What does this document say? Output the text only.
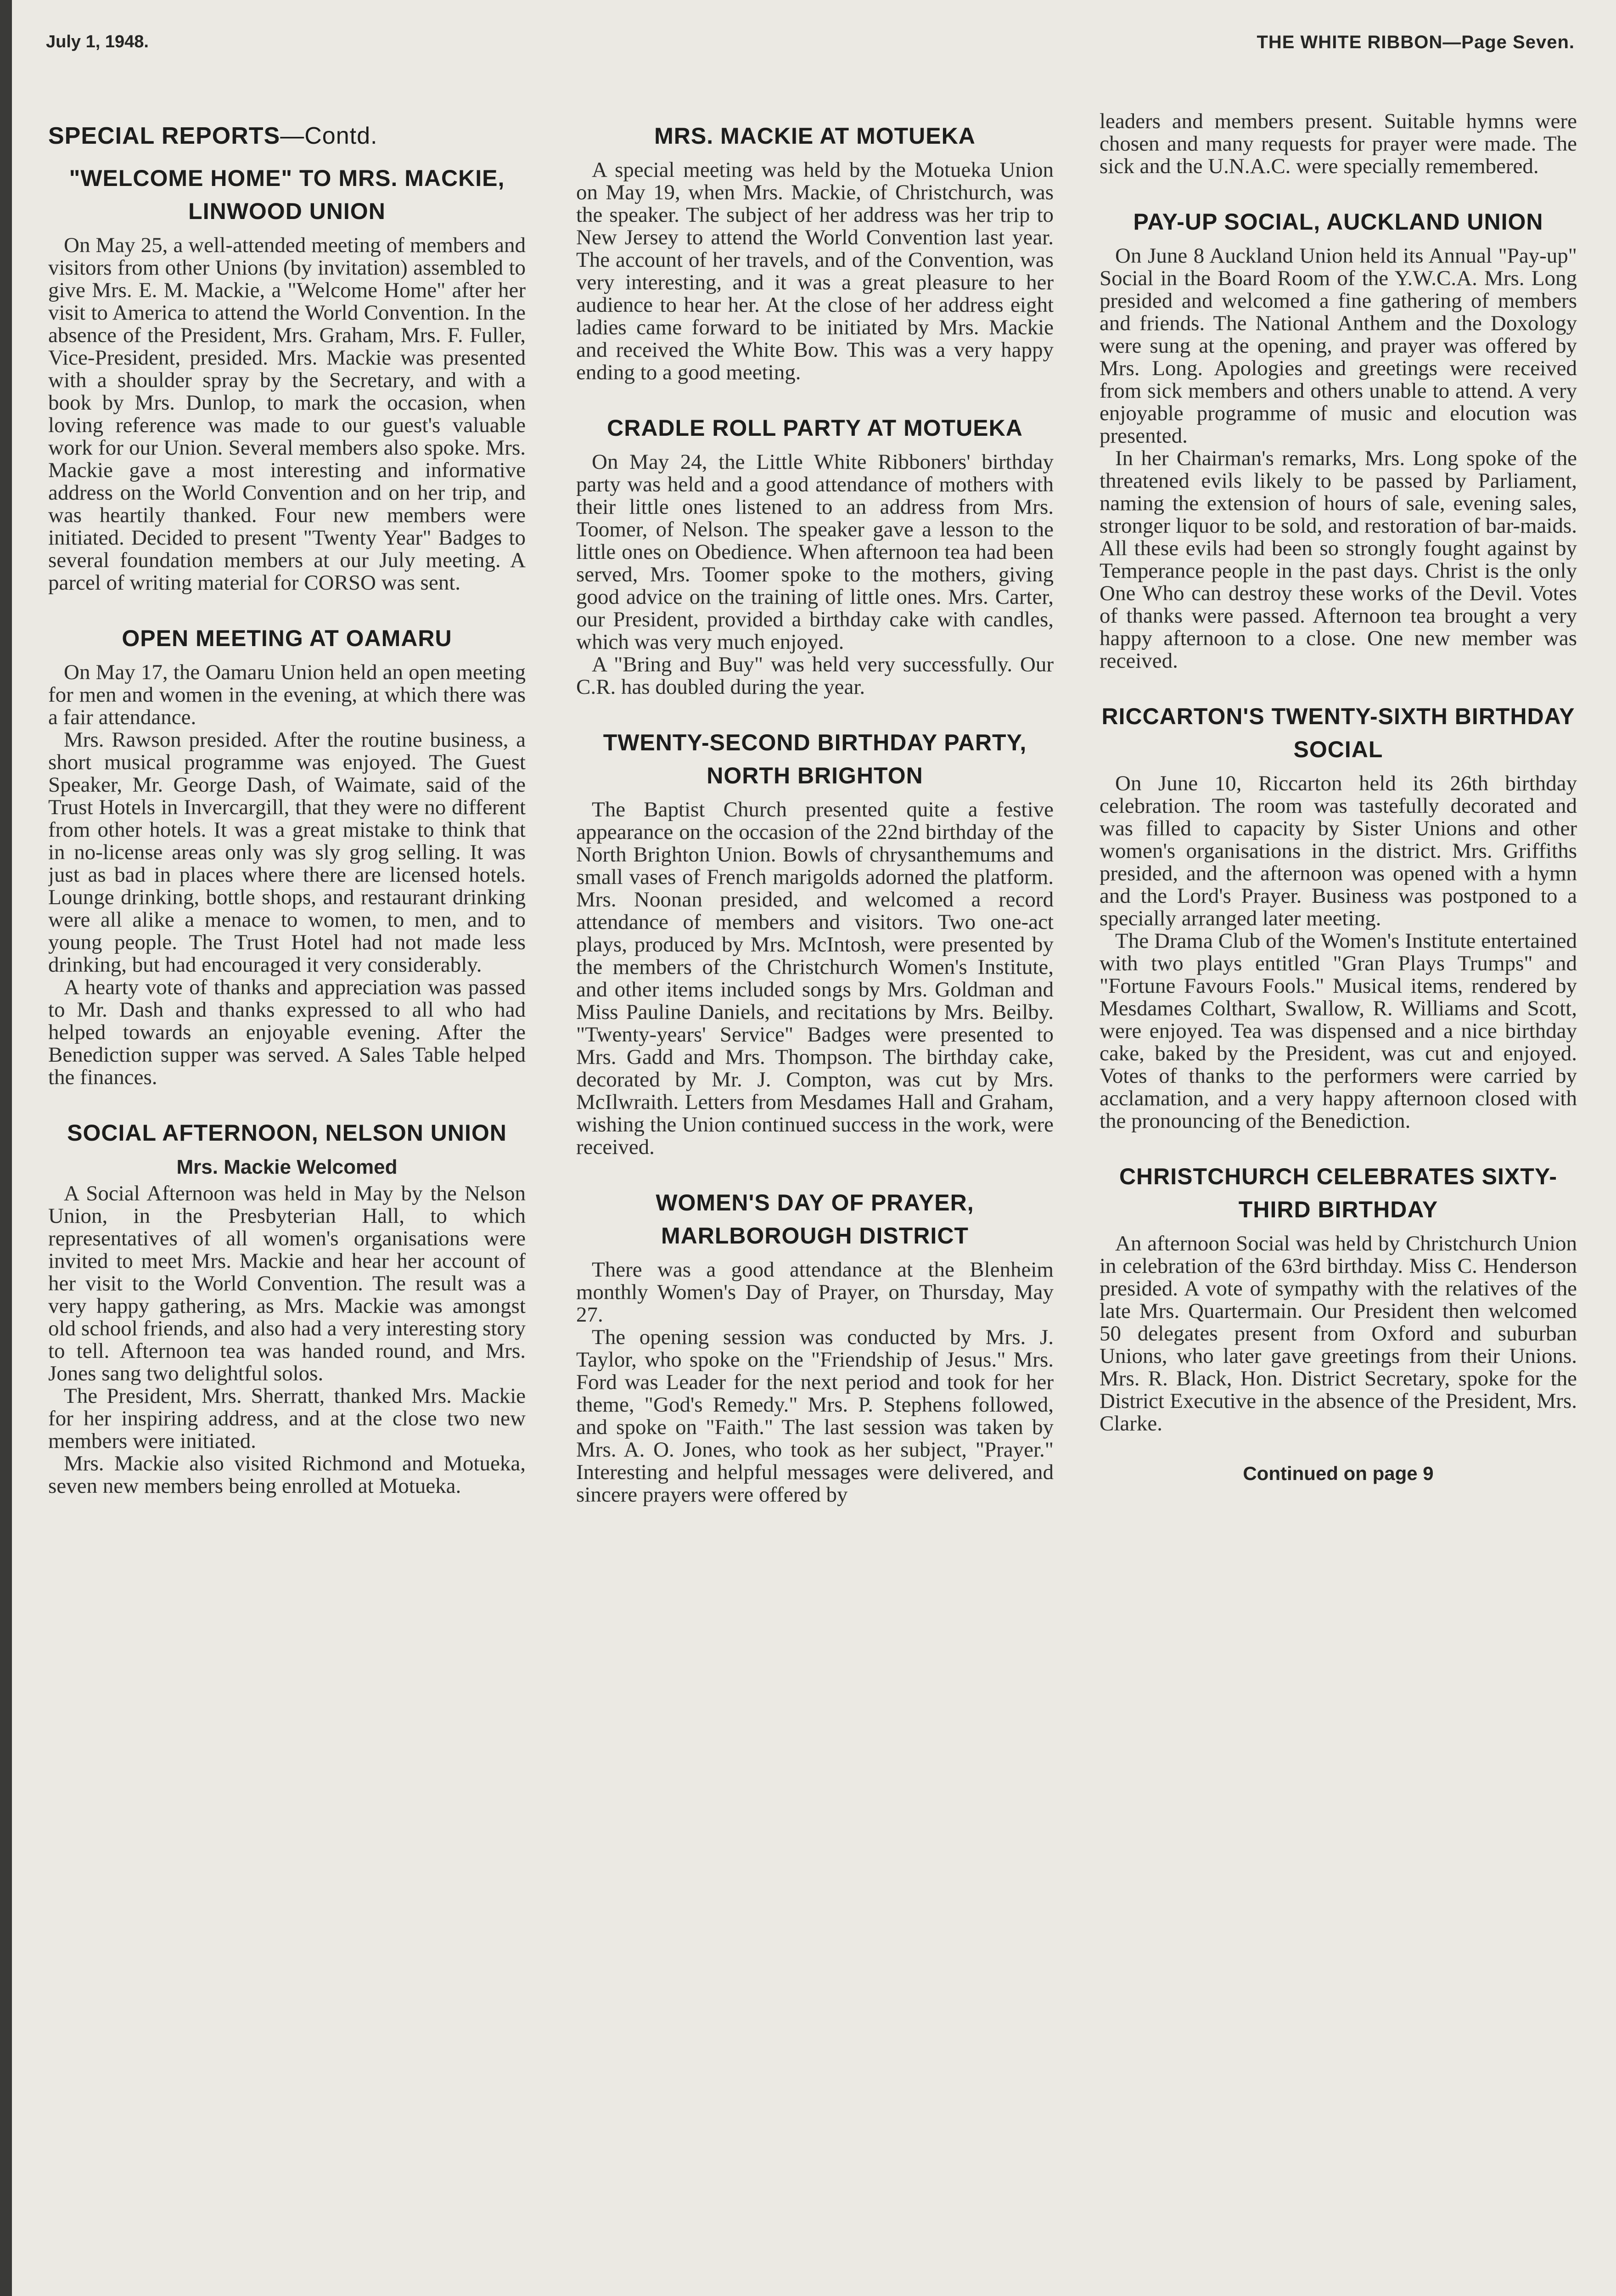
July 1, 1948.	THE WHITE RIBBON—Page Seven.
SPECIAL REPORTS—Contd.
"WELCOME HOME" TO MRS. MACKIE, LINWOOD UNION

On May 25, a well-attended meeting of members and visitors from other Unions (by invitation) assembled to give Mrs. E. M. Mackie, a "Welcome Home" after her visit to America to attend the World Convention. In the absence of the President, Mrs. Graham, Mrs. F. Fuller, Vice-President, presided. Mrs. Mackie was presented with a shoulder spray by the Secretary, and with a book by Mrs. Dunlop, to mark the occasion, when loving reference was made to our guest's valuable work for our Union. Several members also spoke. Mrs. Mackie gave a most interesting and informative address on the World Convention and on her trip, and was heartily thanked. Four new members were initiated. Decided to present "Twenty Year" Badges to several foundation members at our July meeting. A parcel of writing material for CORSO was sent.

OPEN MEETING AT OAMARU

On May 17, the Oamaru Union held an open meeting for men and women in the evening, at which there was a fair attendance.

Mrs. Rawson presided. After the routine business, a short musical programme was enjoyed. The Guest Speaker, Mr. George Dash, of Waimate, said of the Trust Hotels in Invercargill, that they were no different from other hotels. It was a great mistake to think that in no-license areas only was sly grog selling. It was just as bad in places where there are licensed hotels. Lounge drinking, bottle shops, and restaurant drinking were all alike a menace to women, to men, and to young people. The Trust Hotel had not made less drinking, but had encouraged it very considerably.

A hearty vote of thanks and appreciation was passed to Mr. Dash and thanks expressed to all who had helped towards an enjoyable evening. After the Benediction supper was served. A Sales Table helped the finances.

SOCIAL AFTERNOON, NELSON UNION
Mrs. Mackie Welcomed

A Social Afternoon was held in May by the Nelson Union, in the Presbyterian Hall, to which representatives of all women's organisations were invited to meet Mrs. Mackie and hear her account of her visit to the World Convention. The result was a very happy gathering, as Mrs. Mackie was amongst old school friends, and also had a very interesting story to tell. Afternoon tea was handed round, and Mrs. Jones sang two delightful solos.

The President, Mrs. Sherratt, thanked Mrs. Mackie for her inspiring address, and at the close two new members were initiated.

Mrs. Mackie also visited Richmond and Motueka, seven new members being enrolled at Motueka.

MRS. MACKIE AT MOTUEKA

A special meeting was held by the Motueka Union on May 19, when Mrs. Mackie, of Christchurch, was the speaker. The subject of her address was her trip to New Jersey to attend the World Convention last year. The account of her travels, and of the Convention, was very interesting, and it was a great pleasure to her audience to hear her. At the close of her address eight ladies came forward to be initiated by Mrs. Mackie and received the White Bow. This was a very happy ending to a good meeting.

CRADLE ROLL PARTY AT MOTUEKA

On May 24, the Little White Ribboners' birthday party was held and a good attendance of mothers with their little ones listened to an address from Mrs. Toomer, of Nelson. The speaker gave a lesson to the little ones on Obedience. When afternoon tea had been served, Mrs. Toomer spoke to the mothers, giving good advice on the training of little ones. Mrs. Carter, our President, provided a birthday cake with candles, which was very much enjoyed.

A "Bring and Buy" was held very successfully. Our C.R. has doubled during the year.

TWENTY-SECOND BIRTHDAY PARTY, NORTH BRIGHTON

The Baptist Church presented quite a festive appearance on the occasion of the 22nd birthday of the North Brighton Union. Bowls of chrysanthemums and small vases of French marigolds adorned the platform. Mrs. Noonan presided, and welcomed a record attendance of members and visitors. Two one-act plays, produced by Mrs. McIntosh, were presented by the members of the Christchurch Women's Institute, and other items included songs by Mrs. Goldman and Miss Pauline Daniels, and recitations by Mrs. Beilby. "Twenty-years' Service" Badges were presented to Mrs. Gadd and Mrs. Thompson. The birthday cake, decorated by Mr. J. Compton, was cut by Mrs. McIlwraith. Letters from Mesdames Hall and Graham, wishing the Union continued success in the work, were received.

WOMEN'S DAY OF PRAYER, MARLBOROUGH DISTRICT

There was a good attendance at the Blenheim monthly Women's Day of Prayer, on Thursday, May 27.

The opening session was conducted by Mrs. J. Taylor, who spoke on the "Friendship of Jesus." Mrs. Ford was Leader for the next period and took for her theme, "God's Remedy." Mrs. P. Stephens followed, and spoke on "Faith." The last session was taken by Mrs. A. O. Jones, who took as her subject, "Prayer." Interesting and helpful messages were delivered, and sincere prayers were offered by

leaders and members present. Suitable hymns were chosen and many requests for prayer were made. The sick and the U.N.A.C. were specially remembered.

PAY-UP SOCIAL, AUCKLAND UNION

On June 8 Auckland Union held its Annual "Pay-up" Social in the Board Room of the Y.W.C.A. Mrs. Long presided and welcomed a fine gathering of members and friends. The National Anthem and the Doxology were sung at the opening, and prayer was offered by Mrs. Long. Apologies and greetings were received from sick members and others unable to attend. A very enjoyable programme of music and elocution was presented.

In her Chairman's remarks, Mrs. Long spoke of the threatened evils likely to be passed by Parliament, naming the extension of hours of sale, evening sales, stronger liquor to be sold, and restoration of bar-maids. All these evils had been so strongly fought against by Temperance people in the past days. Christ is the only One Who can destroy these works of the Devil. Votes of thanks were passed. Afternoon tea brought a very happy afternoon to a close. One new member was received.

RICCARTON'S TWENTY-SIXTH BIRTHDAY SOCIAL

On June 10, Riccarton held its 26th birthday celebration. The room was tastefully decorated and was filled to capacity by Sister Unions and other women's organisations in the district. Mrs. Griffiths presided, and the afternoon was opened with a hymn and the Lord's Prayer. Business was postponed to a specially arranged later meeting.

The Drama Club of the Women's Institute entertained with two plays entitled "Gran Plays Trumps" and "Fortune Favours Fools." Musical items, rendered by Mesdames Colthart, Swallow, R. Williams and Scott, were enjoyed. Tea was dispensed and a nice birthday cake, baked by the President, was cut and enjoyed. Votes of thanks to the performers were carried by acclamation, and a very happy afternoon closed with the pronouncing of the Benediction.

CHRISTCHURCH CELEBRATES SIXTY-THIRD BIRTHDAY

An afternoon Social was held by Christchurch Union in celebration of the 63rd birthday. Miss C. Henderson presided. A vote of sympathy with the relatives of the late Mrs. Quartermain. Our President then welcomed 50 delegates present from Oxford and suburban Unions, who later gave greetings from their Unions. Mrs. R. Black, Hon. District Secretary, spoke for the District Executive in the absence of the President, Mrs. Clarke.

Continued on page 9
